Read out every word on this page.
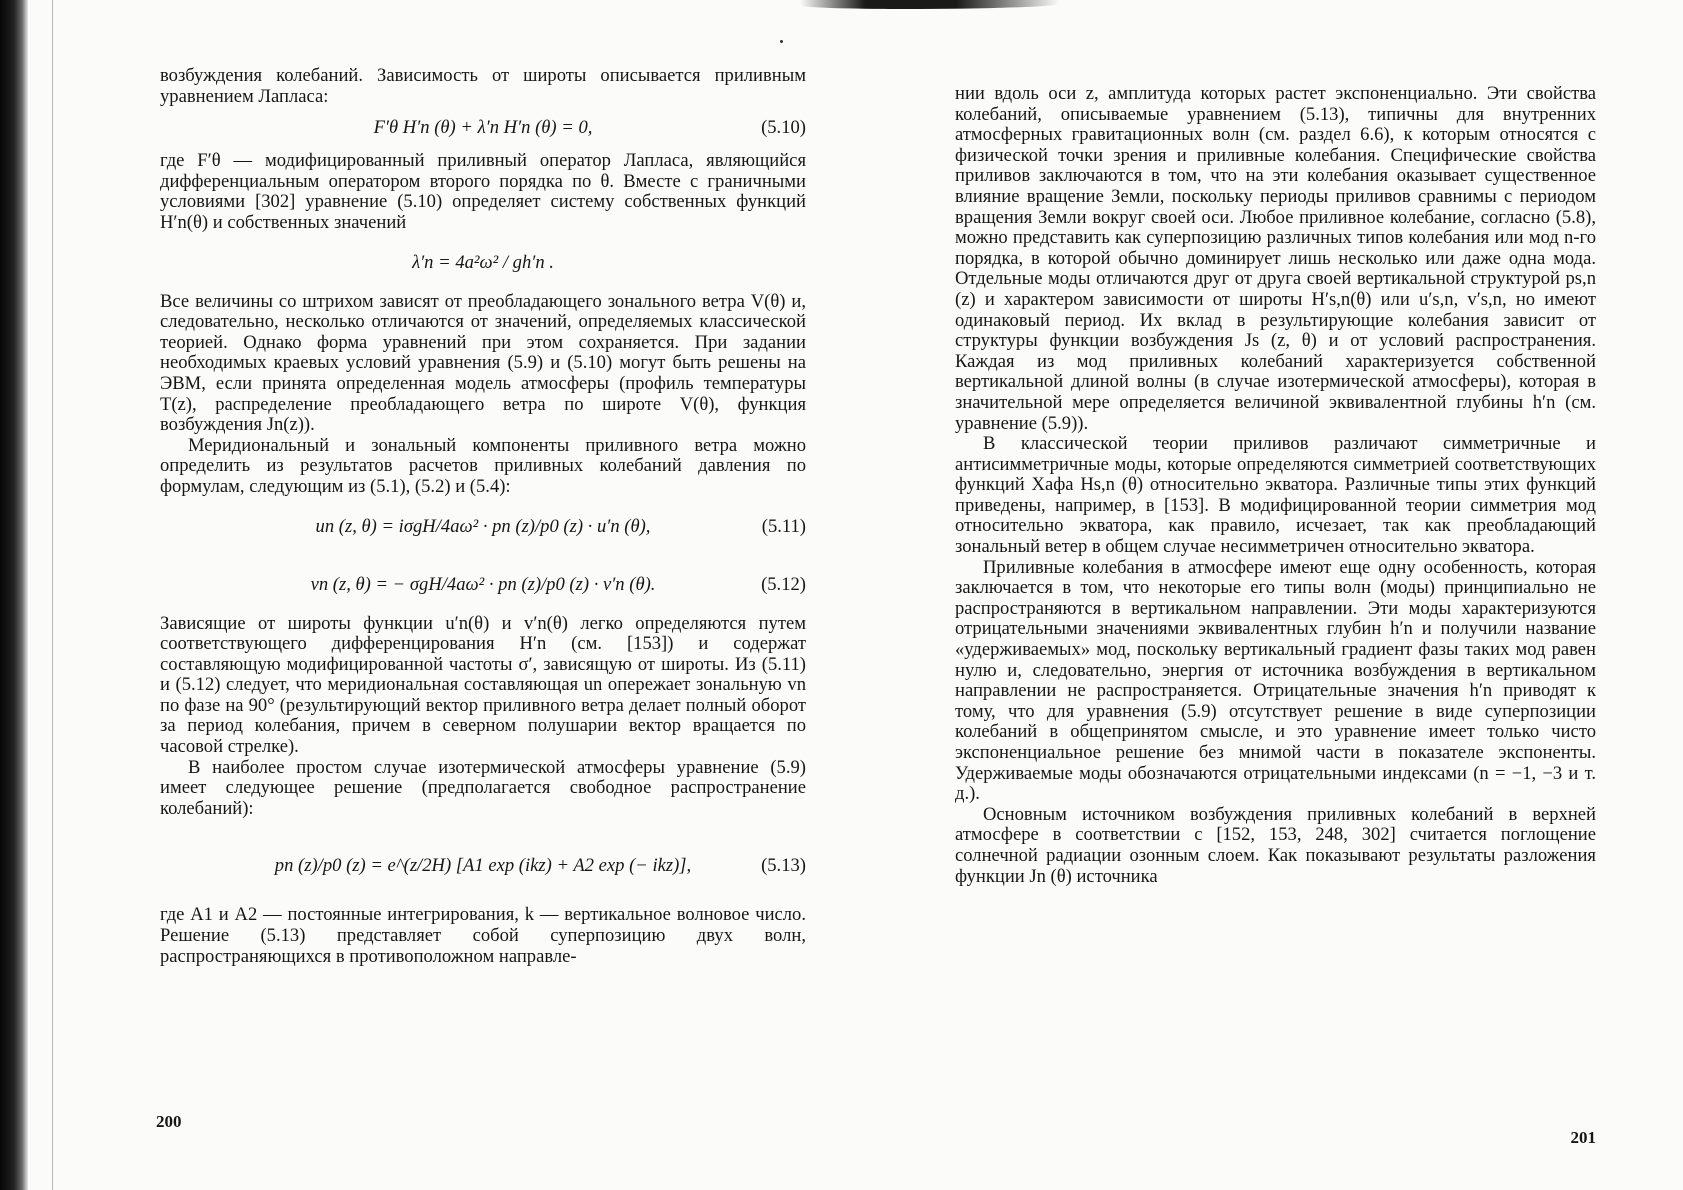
возбуждения колебаний. Зависимость от широты описывается приливным уравнением Лапласа:

F′θ H′n (θ) + λ′n H′n (θ) = 0,	(5.10)

где F′θ — модифицированный приливный оператор Лапласа, являющийся дифференциальным оператором второго порядка по θ. Вместе с граничными условиями [302] уравнение (5.10) определяет систему собственных функций H′n(θ) и собственных значений

λ′n = 4a²ω² / gh′n .

Все величины со штрихом зависят от преобладающего зонального ветра V(θ) и, следовательно, несколько отличаются от значений, определяемых классической теорией. Однако форма уравнений при этом сохраняется. При задании необходимых краевых условий уравнения (5.9) и (5.10) могут быть решены на ЭВМ, если принята определенная модель атмосферы (профиль температуры T(z), распределение преобладающего ветра по широте V(θ), функция возбуждения Jn(z)).

Меридиональный и зональный компоненты приливного ветра можно определить из результатов расчетов приливных колебаний давления по формулам, следующим из (5.1), (5.2) и (5.4):

un (z, θ) = iσgH/4aω² · pn (z)/p0 (z) · u′n (θ),	(5.11)
vn (z, θ) = − σgH/4aω² · pn (z)/p0 (z) · v′n (θ).	(5.12)

Зависящие от широты функции u′n(θ) и v′n(θ) легко определяются путем соответствующего дифференцирования H′n (см. [153]) и содержат составляющую модифицированной частоты σ′, зависящую от широты. Из (5.11) и (5.12) следует, что меридиональная составляющая un опережает зональную vn по фазе на 90° (результирующий вектор приливного ветра делает полный оборот за период колебания, причем в северном полушарии вектор вращается по часовой стрелке).

В наиболее простом случае изотермической атмосферы уравнение (5.9) имеет следующее решение (предполагается свободное распространение колебаний):

pn (z)/p0 (z) = e^(z/2H) [A1 exp (ikz) + A2 exp (− ikz)],	(5.13)

где A1 и A2 — постоянные интегрирования, k — вертикальное волновое число. Решение (5.13) представляет собой суперпозицию двух волн, распространяющихся в противоположном направле-

200

нии вдоль оси z, амплитуда которых растет экспоненциально. Эти свойства колебаний, описываемые уравнением (5.13), типичны для внутренних атмосферных гравитационных волн (см. раздел 6.6), к которым относятся с физической точки зрения и приливные колебания. Специфические свойства приливов заключаются в том, что на эти колебания оказывает существенное влияние вращение Земли, поскольку периоды приливов сравнимы с периодом вращения Земли вокруг своей оси. Любое приливное колебание, согласно (5.8), можно представить как суперпозицию различных типов колебания или мод n-го порядка, в которой обычно доминирует лишь несколько или даже одна мода. Отдельные моды отличаются друг от друга своей вертикальной структурой ps,n (z) и характером зависимости от широты H′s,n(θ) или u′s,n, v′s,n, но имеют одинаковый период. Их вклад в результирующие колебания зависит от структуры функции возбуждения Js (z, θ) и от условий распространения. Каждая из мод приливных колебаний характеризуется собственной вертикальной длиной волны (в случае изотермической атмосферы), которая в значительной мере определяется величиной эквивалентной глубины h′n (см. уравнение (5.9)).

В классической теории приливов различают симметричные и антисимметричные моды, которые определяются симметрией соответствующих функций Хафа Hs,n (θ) относительно экватора. Различные типы этих функций приведены, например, в [153]. В модифицированной теории симметрия мод относительно экватора, как правило, исчезает, так как преобладающий зональный ветер в общем случае несимметричен относительно экватора.

Приливные колебания в атмосфере имеют еще одну особенность, которая заключается в том, что некоторые его типы волн (моды) принципиально не распространяются в вертикальном направлении. Эти моды характеризуются отрицательными значениями эквивалентных глубин h′n и получили название «удерживаемых» мод, поскольку вертикальный градиент фазы таких мод равен нулю и, следовательно, энергия от источника возбуждения в вертикальном направлении не распространяется. Отрицательные значения h′n приводят к тому, что для уравнения (5.9) отсутствует решение в виде суперпозиции колебаний в общепринятом смысле, и это уравнение имеет только чисто экспоненциальное решение без мнимой части в показателе экспоненты. Удерживаемые моды обозначаются отрицательными индексами (n = −1, −3 и т. д.).

Основным источником возбуждения приливных колебаний в верхней атмосфере в соответствии с [152, 153, 248, 302] считается поглощение солнечной радиации озонным слоем. Как показывают результаты разложения функции Jn (θ) источника

201
